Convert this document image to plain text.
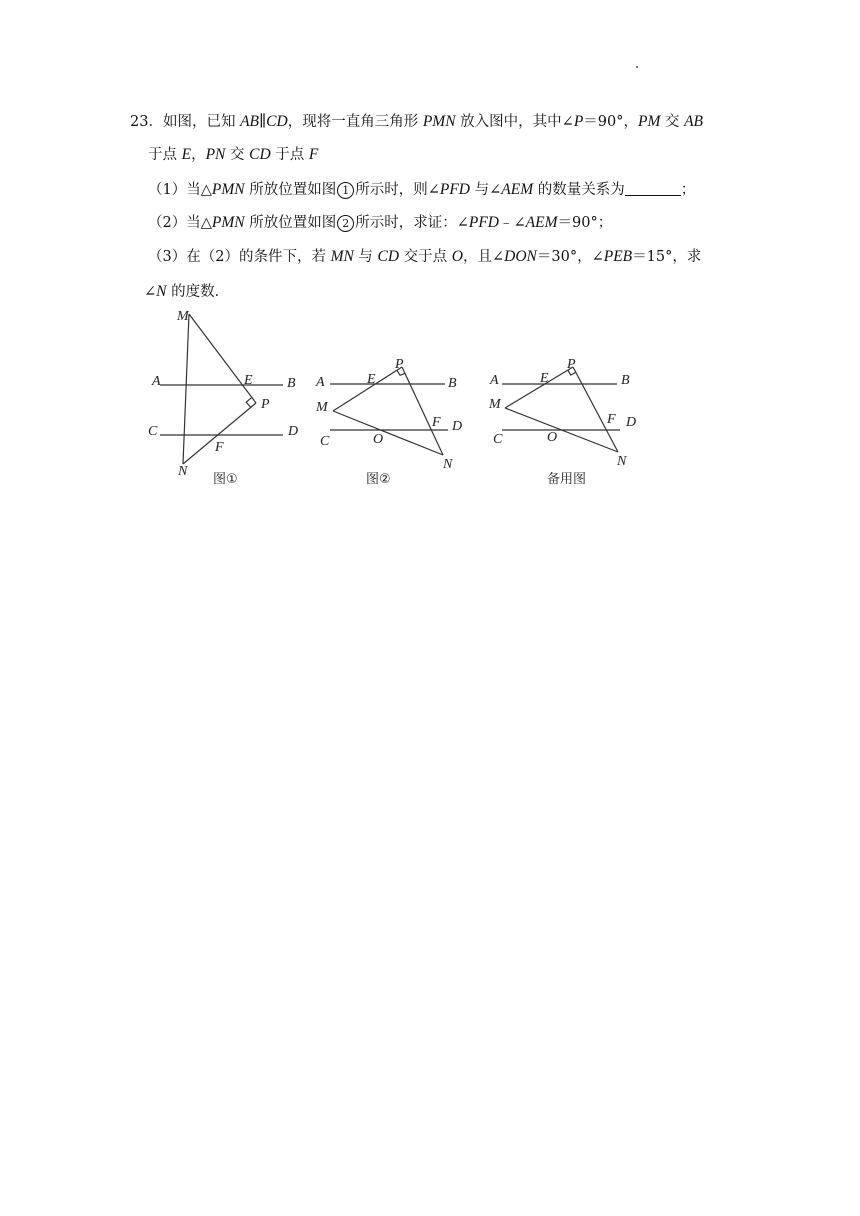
23．如图，已知 AB∥CD，现将一直角三角形 PMN 放入图中，其中∠P＝90°，PM 交 AB
于点 E，PN 交 CD 于点 F
（1）当△PMN 所放位置如图 1 所示时，则∠PFD 与∠AEM 的数量关系为	；
（2）当△PMN 所放位置如图 2 所示时，求证：∠PFD﹣∠AEM＝90°；
（3）在（2）的条件下，若 MN 与 CD 交于点 O，且∠DON＝30°，∠PEB＝15°，求
∠N 的度数．
M
A	E B
P
C	D
F
N
图①
P
A	E	B
M
F D
C	O
N
图②
P
A	E	B
M
F D
C	O
N
备用图
